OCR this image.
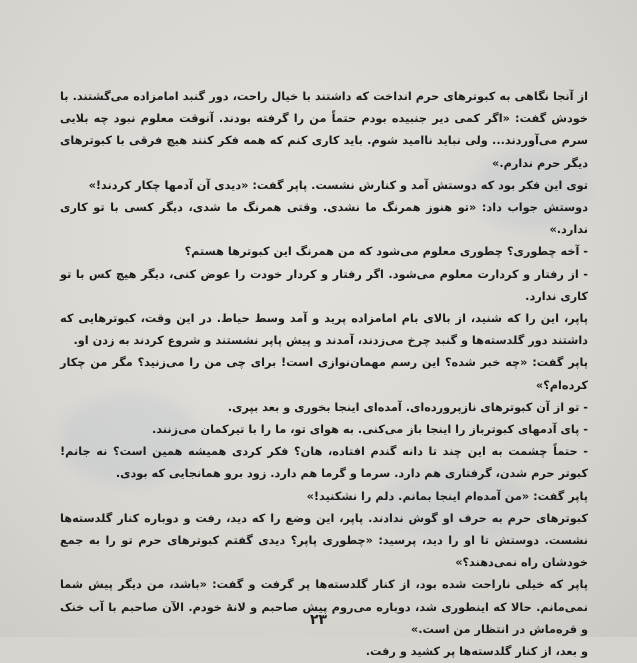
از آنجا نگاهی به کبوترهای حرم انداخت که داشتند با خیال راحت، دور گنبد امامزاده می‌گشتند. با خودش گفت: «اگر کمی دیر جنبیده بودم حتماً من را گرفته بودند. آنوقت معلوم نبود چه بلایی سرم می‌آوردند... ولی نباید ناامید شوم. باید کاری کنم که همه فکر کنند هیچ فرقی با کبوترهای دیگر حرم ندارم.»

توی این فکر بود که دوستش آمد و کنارش نشست. پاپر گفت: «دیدی آن آدمها چکار کردند!»

دوستش جواب داد: «تو هنوز همرنگ ما نشدی. وقتی همرنگ ما شدی، دیگر کسی با تو کاری ندارد.»

- آخه چطوری؟ چطوری معلوم می‌شود که من همرنگ این کبوترها هستم؟

- از رفتار و کردارت معلوم می‌شود. اگر رفتار و کردار خودت را عوض کنی، دیگر هیچ کس با تو کاری ندارد.

پاپر، این را که شنید، از بالای بام امامزاده پرید و آمد وسط حیاط. در این وقت، کبوترهایی که داشتند دور گلدسته‌ها و گنبد چرخ می‌زدند، آمدند و پیش پاپر نشستند و شروع کردند به زدن او.

پاپر گفت: «چه خبر شده؟ این رسم مهمان‌نوازی است! برای چی من را می‌زنید؟ مگر من چکار کرده‌ام؟»

- تو از آن کبوترهای نازپرورده‌ای. آمده‌ای اینجا بخوری و بعد بپری.

- پای آدمهای کبوترباز را اینجا باز می‌کنی. به هوای تو، ما را با تیرکمان می‌زنند.

- حتماً چشمت به این چند تا دانه گندم افتاده، هان؟ فکر کردی همیشه همین است؟ نه جانم! کبوتر حرم شدن، گرفتاری هم دارد. سرما و گرما هم دارد. زود برو همانجایی که بودی.

پاپر گفت: «من آمده‌ام اینجا بمانم. دلم را نشکنید!»

کبوترهای حرم به حرف او گوش ندادند. پاپر، این وضع را که دید، رفت و دوباره کنار گلدسته‌ها نشست. دوستش تا او را دید، پرسید: «چطوری پاپر؟ دیدی گفتم کبوترهای حرم تو را به جمع خودشان راه نمی‌دهند؟»

پاپر که خیلی ناراحت شده بود، از کنار گلدسته‌ها پر گرفت و گفت: «باشد، من دیگر پیش شما نمی‌مانم. حالا که اینطوری شد، دوباره می‌روم پیش صاحبم و لانهٔ خودم. الآن صاحبم با آب خنک و قره‌ماش در انتظار من است.»

و بعد، از کنار گلدسته‌ها پر کشید و رفت.

۲۳
